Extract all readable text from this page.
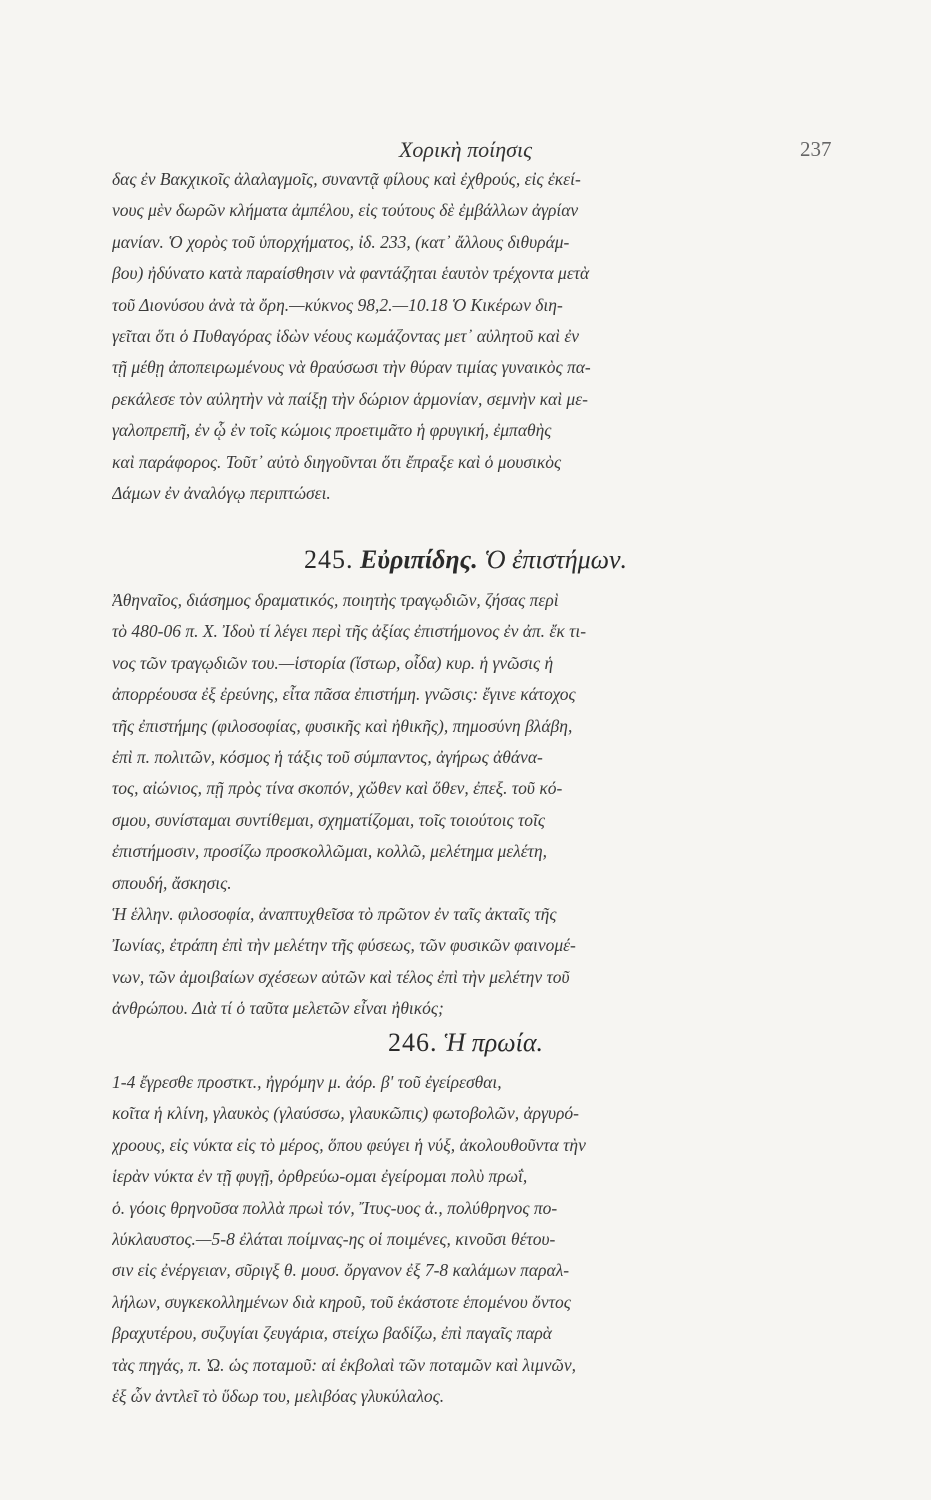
Χορικὴ ποίησις	237
δας ἐν Βακχικοῖς ἀλαλαγμοῖς, συναντᾷ φίλους καὶ ἐχθρούς, εἰς ἐκεί-
νους μὲν δωρῶν κλήματα ἀμπέλου, εἰς τούτους δὲ ἐμβάλλων ἀγρίαν
μανίαν. Ὁ χορὸς τοῦ ὑπορχήματος, ἰδ. 233, (κατ᾽ ἄλλους διθυράμ-
βου) ἠδύνατο κατὰ παραίσθησιν νὰ φαντάζηται ἑαυτὸν τρέχοντα μετὰ
τοῦ Διονύσου ἀνὰ τὰ ὄρη.—κύκνος 98,2.—10.18 Ὁ Κικέρων διη-
γεῖται ὅτι ὁ Πυθαγόρας ἰδὼν νέους κωμάζοντας μετ᾽ αὐλητοῦ καὶ ἐν
τῇ μέθῃ ἀποπειρωμένους νὰ θραύσωσι τὴν θύραν τιμίας γυναικὸς πα-
ρεκάλεσε τὸν αὐλητὴν νὰ παίξῃ τὴν δώριον ἁρμονίαν, σεμνὴν καὶ με-
γαλοπρεπῆ, ἐν ᾧ ἐν τοῖς κώμοις προετιμᾶτο ἡ φρυγική, ἐμπαθὴς
καὶ παράφορος. Τοῦτ᾽ αὐτὸ διηγοῦνται ὅτι ἔπραξε καὶ ὁ μουσικὸς
Δάμων ἐν ἀναλόγῳ περιπτώσει.
245. Εὐριπίδης. Ὁ ἐπιστήμων.
Ἀθηναῖος, διάσημος δραματικός, ποιητὴς τραγῳδιῶν, ζήσας περὶ
τὸ 480-06 π. Χ. Ἰδοὺ τί λέγει περὶ τῆς ἀξίας ἐπιστήμονος ἐν ἀπ. ἔκ τι-
νος τῶν τραγῳδιῶν του.—ἱστορία (ἵστωρ, οἶδα) κυρ. ἡ γνῶσις ἡ
ἀπορρέουσα ἐξ ἐρεύνης, εἶτα πᾶσα ἐπιστήμη. γνῶσις: ἔγινε κάτοχος
τῆς ἐπιστήμης (φιλοσοφίας, φυσικῆς καὶ ἠθικῆς), πημοσύνη βλάβη,
ἐπὶ π. πολιτῶν, κόσμος ἡ τάξις τοῦ σύμπαντος, ἀγήρως ἀθάνα-
τος, αἰώνιος, πῇ πρὸς τίνα σκοπόν, χὤθεν καὶ ὅθεν, ἐπεξ. τοῦ κό-
σμου, συνίσταμαι συντίθεμαι, σχηματίζομαι, τοῖς τοιούτοις τοῖς
ἐπιστήμοσιν, προσίζω προσκολλῶμαι, κολλῶ, μελέτημα μελέτη,
σπουδή, ἄσκησις.
Ἡ ἑλλην. φιλοσοφία, ἀναπτυχθεῖσα τὸ πρῶτον ἐν ταῖς ἀκταῖς τῆς
Ἰωνίας, ἐτράπη ἐπὶ τὴν μελέτην τῆς φύσεως, τῶν φυσικῶν φαινομέ-
νων, τῶν ἀμοιβαίων σχέσεων αὐτῶν καὶ τέλος ἐπὶ τὴν μελέτην τοῦ
ἀνθρώπου. Διὰ τί ὁ ταῦτα μελετῶν εἶναι ἠθικός;
246. Ἡ πρωία.
1-4 ἔγρεσθε προστκτ., ἠγρόμην μ. ἀόρ. β' τοῦ ἐγείρεσθαι,
κοῖτα ἡ κλίνη, γλαυκὸς (γλαύσσω, γλαυκῶπις) φωτοβολῶν, ἀργυρό-
χροους, εἰς νύκτα εἰς τὸ μέρος, ὅπου φεύγει ἡ νύξ, ἀκολουθοῦντα τὴν
ἱερὰν νύκτα ἐν τῇ φυγῇ, ὀρθρεύω-ομαι ἐγείρομαι πολὺ πρωΐ,
ὁ. γόοις θρηνοῦσα πολλὰ πρωὶ τόν, Ἴτυς-υος ἀ., πολύθρηνος πο-
λύκλαυστος.—5-8 ἐλάται ποίμνας-ης οἱ ποιμένες, κινοῦσι θέτου-
σιν εἰς ἐνέργειαν, σῦριγξ θ. μουσ. ὄργανον ἐξ 7-8 καλάμων παραλ-
λήλων, συγκεκολλημένων διὰ κηροῦ, τοῦ ἑκάστοτε ἑπομένου ὄντος
βραχυτέρου, συζυγίαι ζευγάρια, στείχω βαδίζω, ἐπὶ παγαῖς παρὰ
τὰς πηγάς, π. Ὠ. ὡς ποταμοῦ: αἱ ἐκβολαὶ τῶν ποταμῶν καὶ λιμνῶν,
ἐξ ὧν ἀντλεῖ τὸ ὕδωρ του, μελιβόας γλυκύλαλος.
